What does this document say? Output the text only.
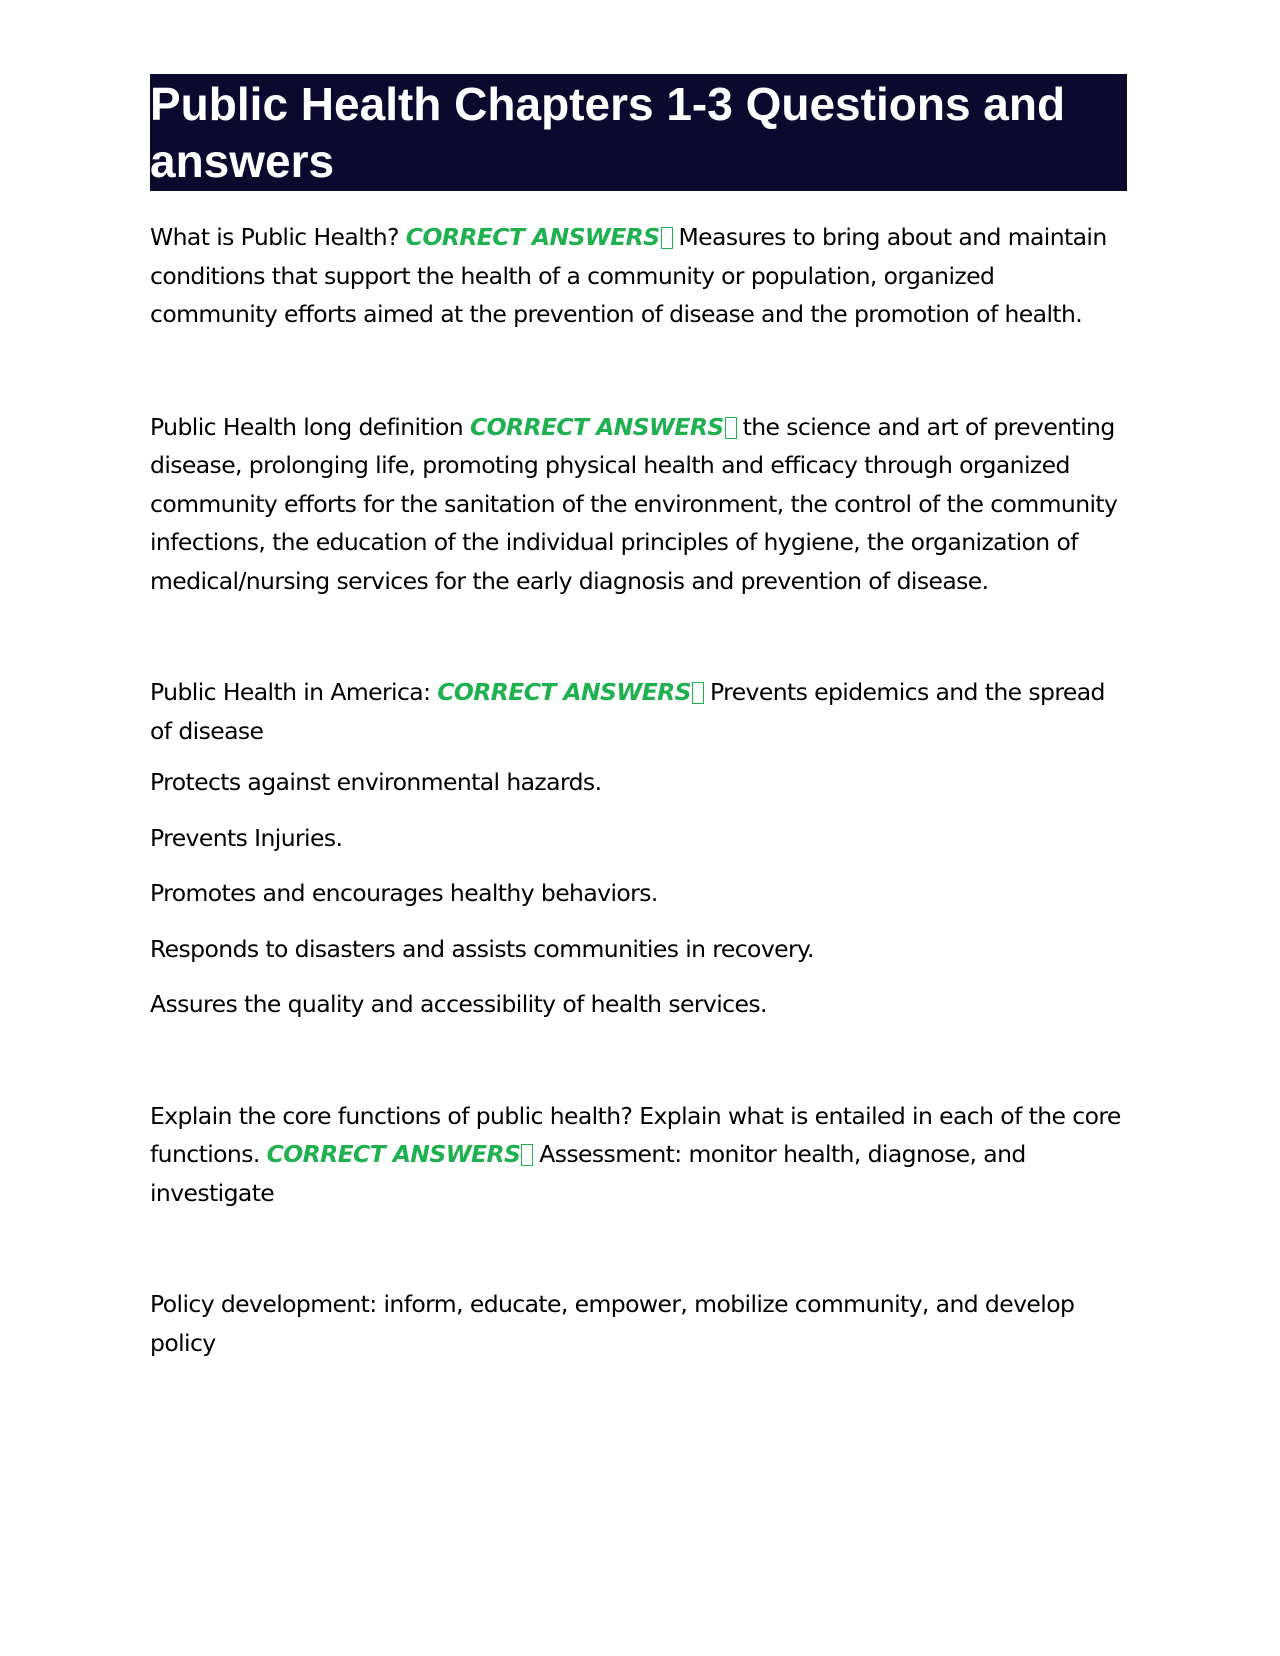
Public Health Chapters 1-3 Questions and answers

What is Public Health? CORRECT ANSWERS Measures to bring about and maintain conditions that support the health of a community or population, organized community efforts aimed at the prevention of disease and the promotion of health.

Public Health long definition CORRECT ANSWERS the science and art of preventing disease, prolonging life, promoting physical health and efficacy through organized community efforts for the sanitation of the environment, the control of the community infections, the education of the individual principles of hygiene, the organization of medical/nursing services for the early diagnosis and prevention of disease.

Public Health in America: CORRECT ANSWERS Prevents epidemics and the spread of disease

Protects against environmental hazards.

Prevents Injuries.

Promotes and encourages healthy behaviors.

Responds to disasters and assists communities in recovery.

Assures the quality and accessibility of health services.

Explain the core functions of public health? Explain what is entailed in each of the core functions. CORRECT ANSWERS Assessment: monitor health, diagnose, and investigate

Policy development: inform, educate, empower, mobilize community, and develop policy
